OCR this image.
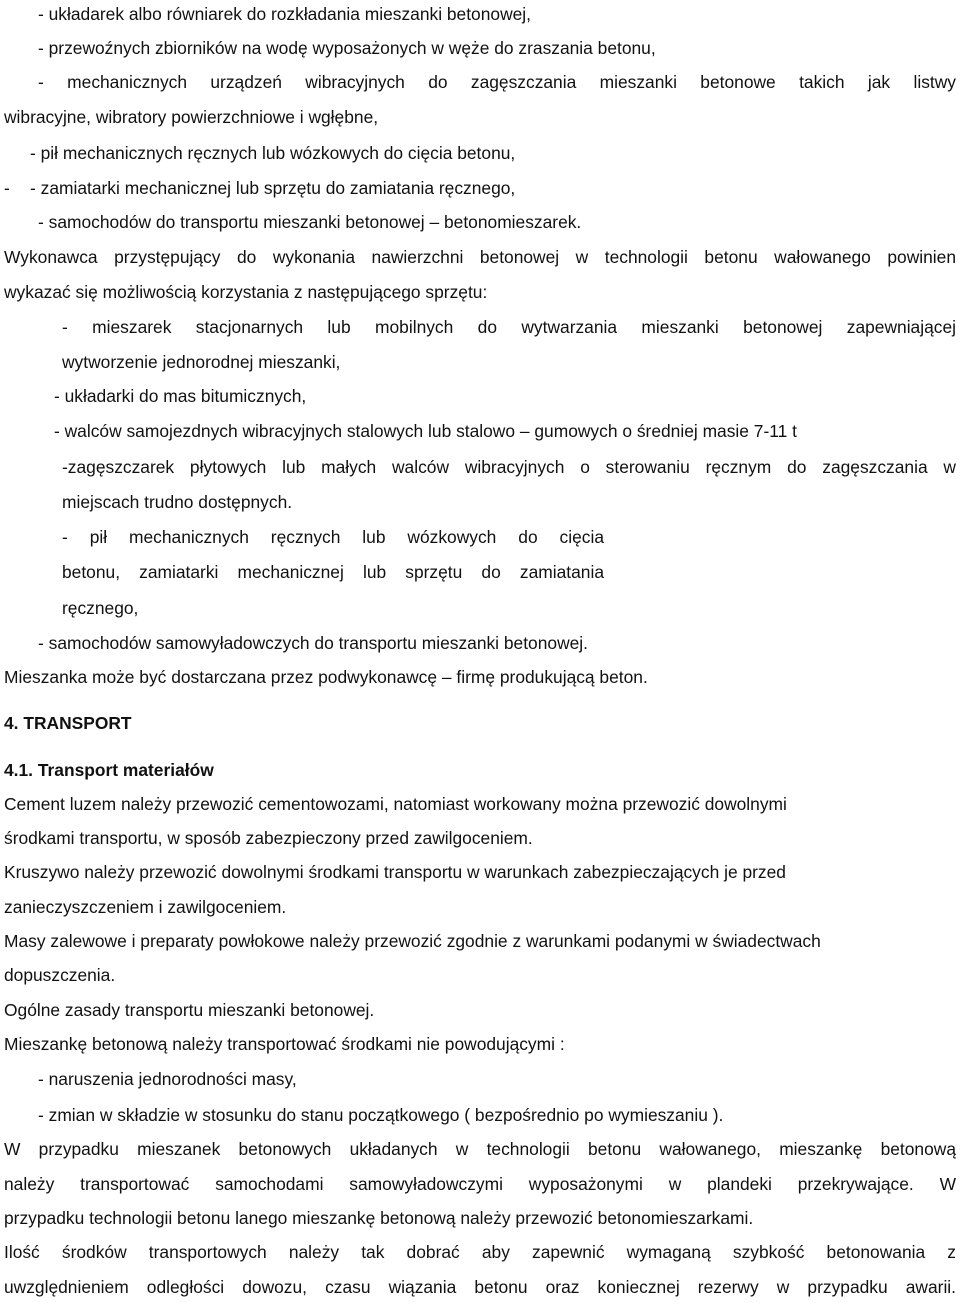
- układarek albo równiarek do rozkładania mieszanki betonowej,
- przewoźnych zbiorników na wodę wyposażonych w węże do zraszania betonu,
- mechanicznych urządzeń wibracyjnych do zagęszczania mieszanki betonowe takich jak listwy
wibracyjne, wibratory powierzchniowe i wgłębne,
- pił mechanicznych ręcznych lub wózkowych do cięcia betonu,
- - zamiatarki mechanicznej lub sprzętu do zamiatania ręcznego,
- samochodów do transportu mieszanki betonowej – betonomieszarek.
Wykonawca przystępujący do wykonania nawierzchni betonowej w technologii betonu wałowanego powinien
wykazać się możliwością korzystania z następującego sprzętu:
- mieszarek stacjonarnych lub mobilnych do wytwarzania mieszanki betonowej zapewniającej
wytworzenie jednorodnej mieszanki,
- układarki do mas bitumicznych,
- walców samojezdnych wibracyjnych stalowych lub stalowo – gumowych o średniej masie 7-11 t
-zagęszczarek płytowych lub małych walców wibracyjnych o sterowaniu ręcznym do zagęszczania w
miejscach trudno dostępnych.
- pił mechanicznych ręcznych lub wózkowych do cięcia
betonu, zamiatarki mechanicznej lub sprzętu do zamiatania
ręcznego,
- samochodów samowyładowczych do transportu mieszanki betonowej.
Mieszanka może być dostarczana przez podwykonawcę – firmę produkującą beton.
4. TRANSPORT
4.1. Transport materiałów
Cement luzem należy przewozić cementowozami, natomiast workowany można przewozić dowolnymi
środkami transportu, w sposób zabezpieczony przed zawilgoceniem.
Kruszywo należy przewozić dowolnymi środkami transportu w warunkach zabezpieczających je przed
zanieczyszczeniem i zawilgoceniem.
Masy zalewowe i preparaty powłokowe należy przewozić zgodnie z warunkami podanymi w świadectwach
dopuszczenia.
Ogólne zasady transportu mieszanki betonowej.
Mieszankę betonową należy transportować środkami nie powodującymi :
- naruszenia jednorodności masy,
- zmian w składzie w stosunku do stanu początkowego ( bezpośrednio po wymieszaniu ).
W przypadku mieszanek betonowych układanych w technologii betonu wałowanego, mieszankę betonową
należy transportować samochodami samowyładowczymi wyposażonymi w plandeki przekrywające. W
przypadku technologii betonu lanego mieszankę betonową należy przewozić betonomieszarkami.
Ilość środków transportowych należy tak dobrać aby zapewnić wymaganą szybkość betonowania z
uwzględnieniem odległości dowozu, czasu wiązania betonu oraz koniecznej rezerwy w przypadku awarii.
